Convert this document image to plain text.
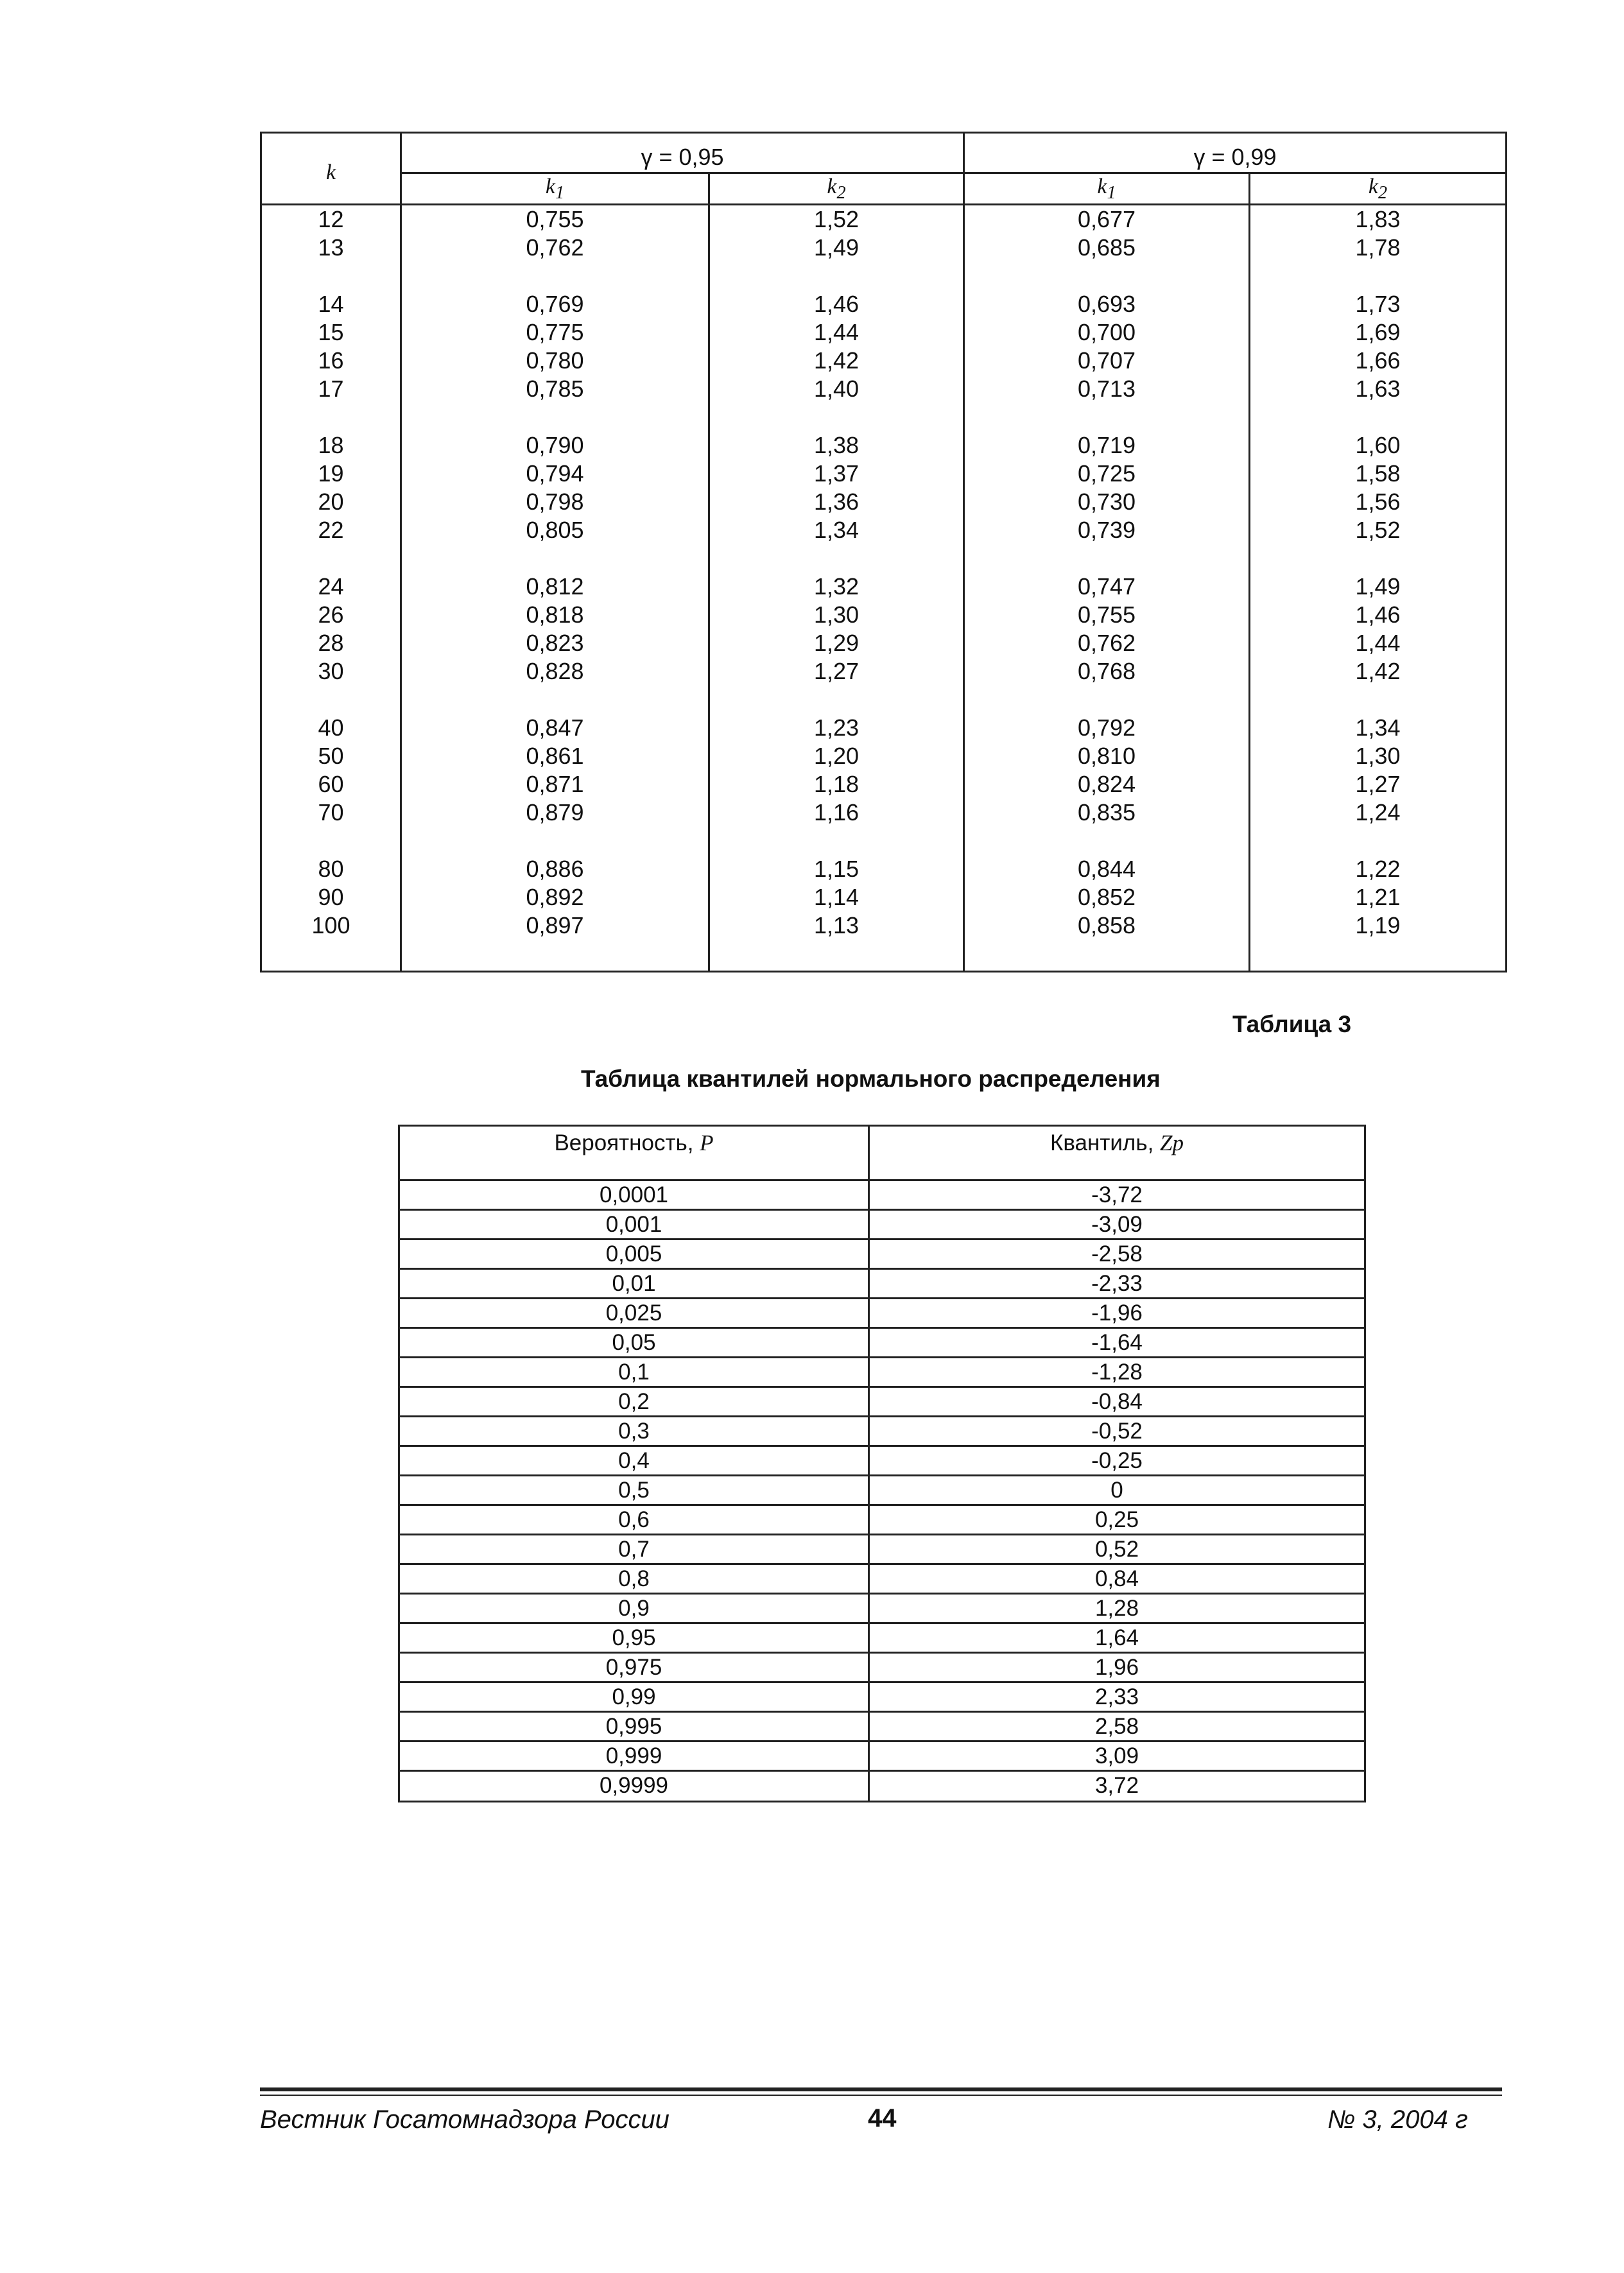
k	γ = 0,95		γ = 0,99	
	$k_1$	$k_2$	$k_1$	$k_2$
12	0,755	1,52	0,677	1,83
13	0,762	1,49	0,685	1,78
14	0,769	1,46	0,693	1,73
15	0,775	1,44	0,700	1,69
16	0,780	1,42	0,707	1,66
17	0,785	1,40	0,713	1,63
18	0,790	1,38	0,719	1,60
19	0,794	1,37	0,725	1,58
20	0,798	1,36	0,730	1,56
22	0,805	1,34	0,739	1,52
24	0,812	1,32	0,747	1,49
26	0,818	1,30	0,755	1,46
28	0,823	1,29	0,762	1,44
30	0,828	1,27	0,768	1,42
40	0,847	1,23	0,792	1,34
50	0,861	1,20	0,810	1,30
60	0,871	1,18	0,824	1,27
70	0,879	1,16	0,835	1,24
80	0,886	1,15	0,844	1,22
90	0,892	1,14	0,852	1,21
100	0,897	1,13	0,858	1,19
Таблица 3
Таблица квантилей нормального распределения
Вероятность, P	Квантиль, Zp
0,0001	-3,72
0,001	-3,09
0,005	-2,58
0,01	-2,33
0,025	-1,96
0,05	-1,64
0,1	-1,28
0,2	-0,84
0,3	-0,52
0,4	-0,25
0,5	0
0,6	0,25
0,7	0,52
0,8	0,84
0,9	1,28
0,95	1,64
0,975	1,96
0,99	2,33
0,995	2,58
0,999	3,09
0,9999	3,72
Вестник Госатомнадзора России	44	№ 3, 2004 г
